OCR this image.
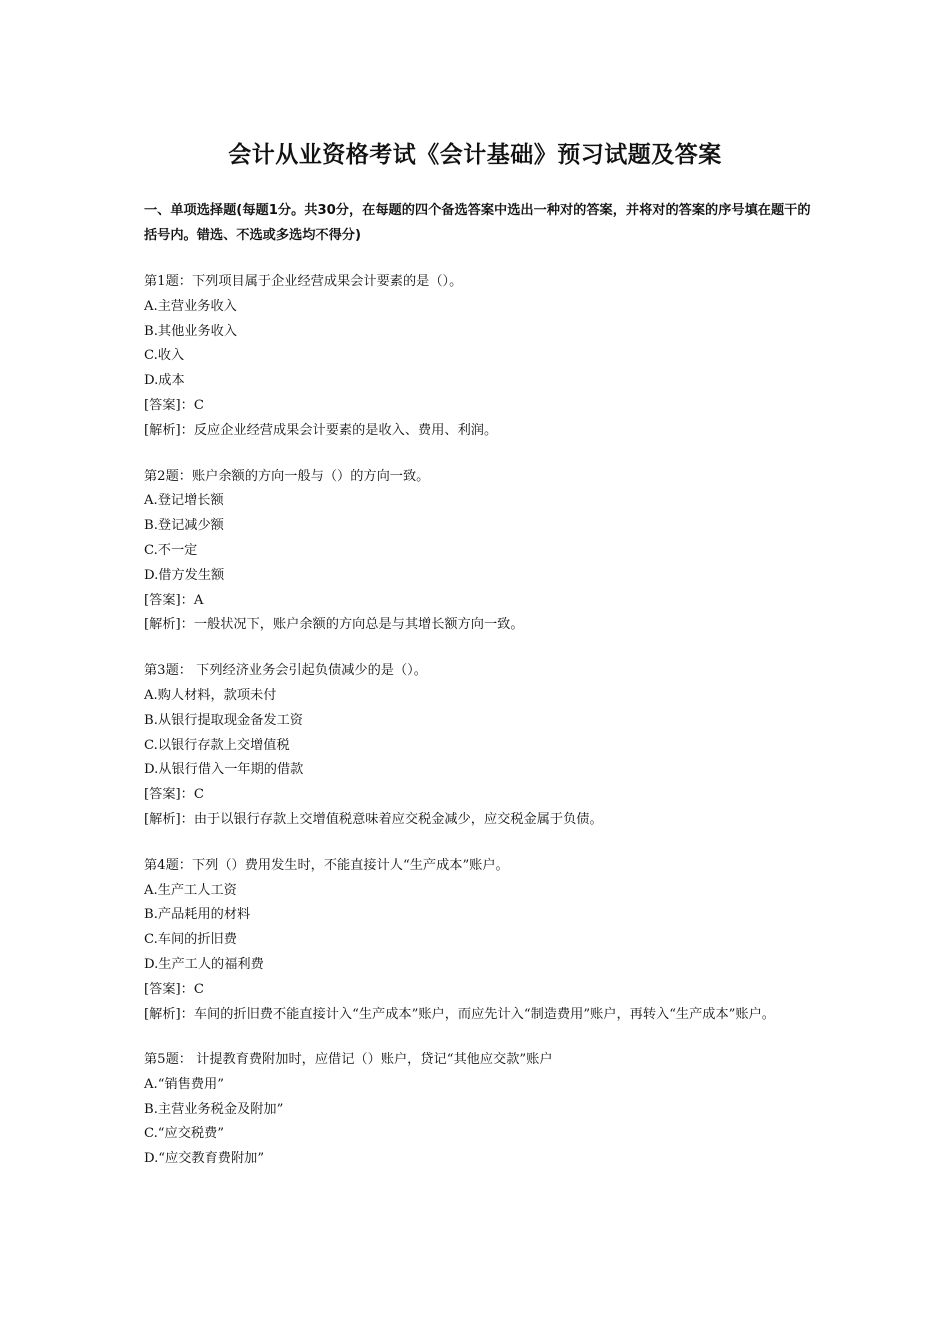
会计从业资格考试《会计基础》预习试题及答案
一、单项选择题(每题1分。共30分，在每题的四个备选答案中选出一种对的答案，并将对的答案的序号填在题干的括号内。错选、不选或多选均不得分)
第1题：下列项目属于企业经营成果会计要素的是（）。
A.主营业务收入
B.其他业务收入
C.收入
D.成本
[答案]：C
[解析]：反应企业经营成果会计要素的是收入、费用、利润。
第2题：账户余额的方向一般与（）的方向一致。
A.登记增长额
B.登记减少额
C.不一定
D.借方发生额
[答案]：A
[解析]：一般状况下，账户余额的方向总是与其增长额方向一致。
第3题： 下列经济业务会引起负债减少的是（）。
A.购人材料，款项未付
B.从银行提取现金备发工资
C.以银行存款上交增值税
D.从银行借入一年期的借款
[答案]：C
[解析]：由于以银行存款上交增值税意味着应交税金减少，应交税金属于负债。
第4题：下列（）费用发生时，不能直接计人“生产成本”账户。
A.生产工人工资
B.产品耗用的材料
C.车间的折旧费
D.生产工人的福利费
[答案]：C
[解析]：车间的折旧费不能直接计入“生产成本”账户，而应先计入“制造费用”账户，再转入“生产成本”账户。
第5题： 计提教育费附加时，应借记（）账户，贷记“其他应交款”账户
A.“销售费用”
B.主营业务税金及附加”
C.“应交税费”
D.“应交教育费附加”
